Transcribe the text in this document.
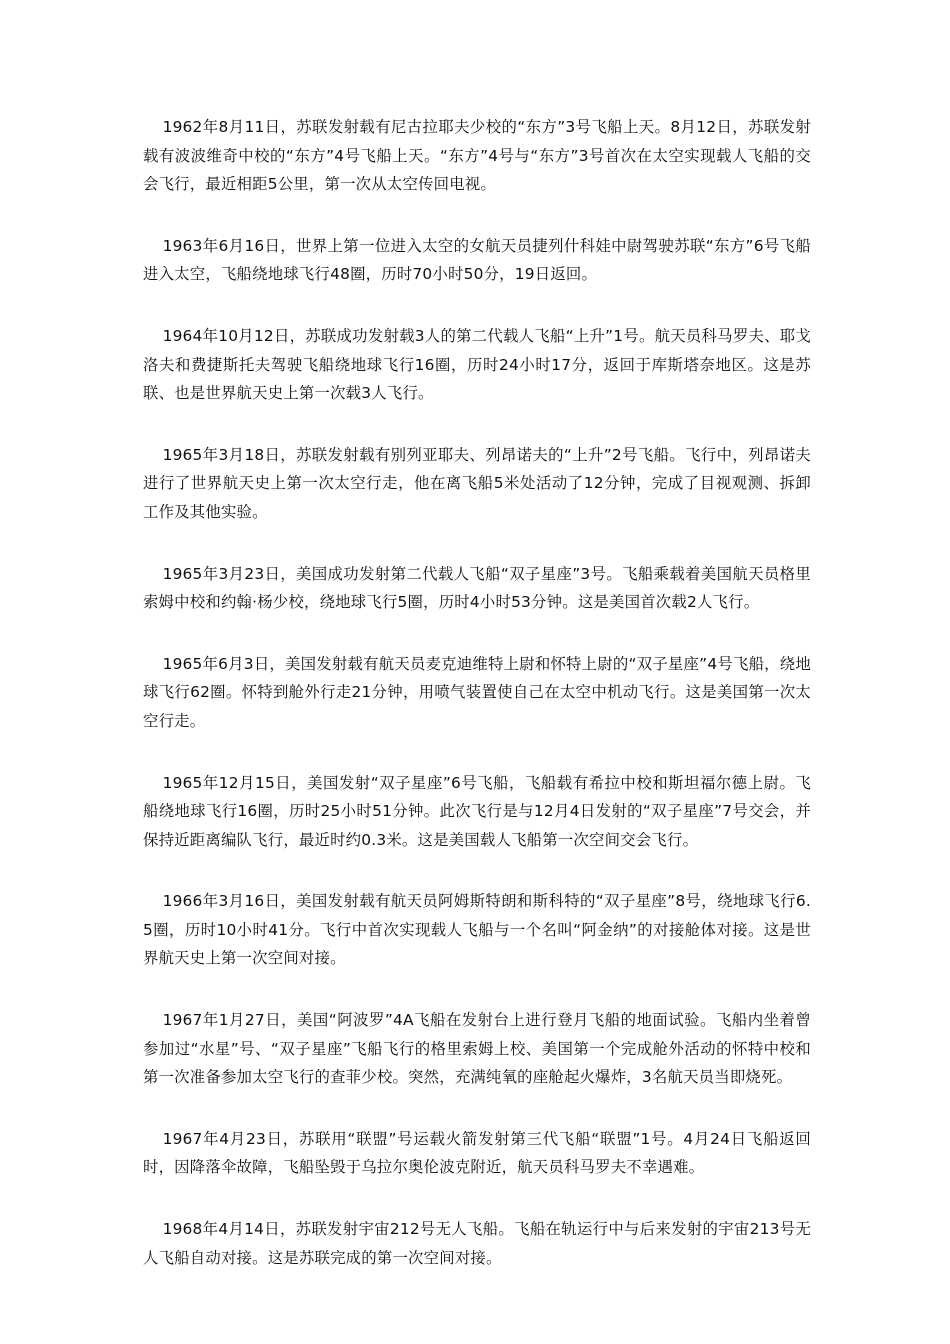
1962年8月11日，苏联发射载有尼古拉耶夫少校的“东方”3号飞船上天。8月12日，苏联发射载有波波维奇中校的“东方”4号飞船上天。“东方”4号与“东方”3号首次在太空实现载人飞船的交会飞行，最近相距5公里，第一次从太空传回电视。

1963年6月16日，世界上第一位进入太空的女航天员捷列什科娃中尉驾驶苏联“东方”6号飞船进入太空，飞船绕地球飞行48圈，历时70小时50分，19日返回。

1964年10月12日，苏联成功发射载3人的第二代载人飞船“上升”1号。航天员科马罗夫、耶戈洛夫和费捷斯托夫驾驶飞船绕地球飞行16圈，历时24小时17分，返回于库斯塔奈地区。这是苏联、也是世界航天史上第一次载3人飞行。

1965年3月18日，苏联发射载有别列亚耶夫、列昂诺夫的“上升”2号飞船。飞行中，列昂诺夫进行了世界航天史上第一次太空行走，他在离飞船5米处活动了12分钟，完成了目视观测、拆卸工作及其他实验。

1965年3月23日，美国成功发射第二代载人飞船“双子星座”3号。飞船乘载着美国航天员格里索姆中校和约翰·杨少校，绕地球飞行5圈，历时4小时53分钟。这是美国首次载2人飞行。

1965年6月3日，美国发射载有航天员麦克迪维特上尉和怀特上尉的“双子星座”4号飞船，绕地球飞行62圈。怀特到舱外行走21分钟，用喷气装置使自己在太空中机动飞行。这是美国第一次太空行走。

1965年12月15日，美国发射“双子星座”6号飞船，飞船载有希拉中校和斯坦福尔德上尉。飞船绕地球飞行16圈，历时25小时51分钟。此次飞行是与12月4日发射的“双子星座”7号交会，并保持近距离编队飞行，最近时约0.3米。这是美国载人飞船第一次空间交会飞行。

1966年3月16日，美国发射载有航天员阿姆斯特朗和斯科特的“双子星座”8号，绕地球飞行6.5圈，历时10小时41分。飞行中首次实现载人飞船与一个名叫“阿金纳”的对接舱体对接。这是世界航天史上第一次空间对接。

1967年1月27日，美国“阿波罗”4A飞船在发射台上进行登月飞船的地面试验。飞船内坐着曾参加过“水星”号、“双子星座”飞船飞行的格里索姆上校、美国第一个完成舱外活动的怀特中校和第一次准备参加太空飞行的查菲少校。突然，充满纯氧的座舱起火爆炸，3名航天员当即烧死。

1967年4月23日，苏联用“联盟”号运载火箭发射第三代飞船“联盟”1号。4月24日飞船返回时，因降落伞故障，飞船坠毁于乌拉尔奥伦波克附近，航天员科马罗夫不幸遇难。

1968年4月14日，苏联发射宇宙212号无人飞船。飞船在轨运行中与后来发射的宇宙213号无人飞船自动对接。这是苏联完成的第一次空间对接。
